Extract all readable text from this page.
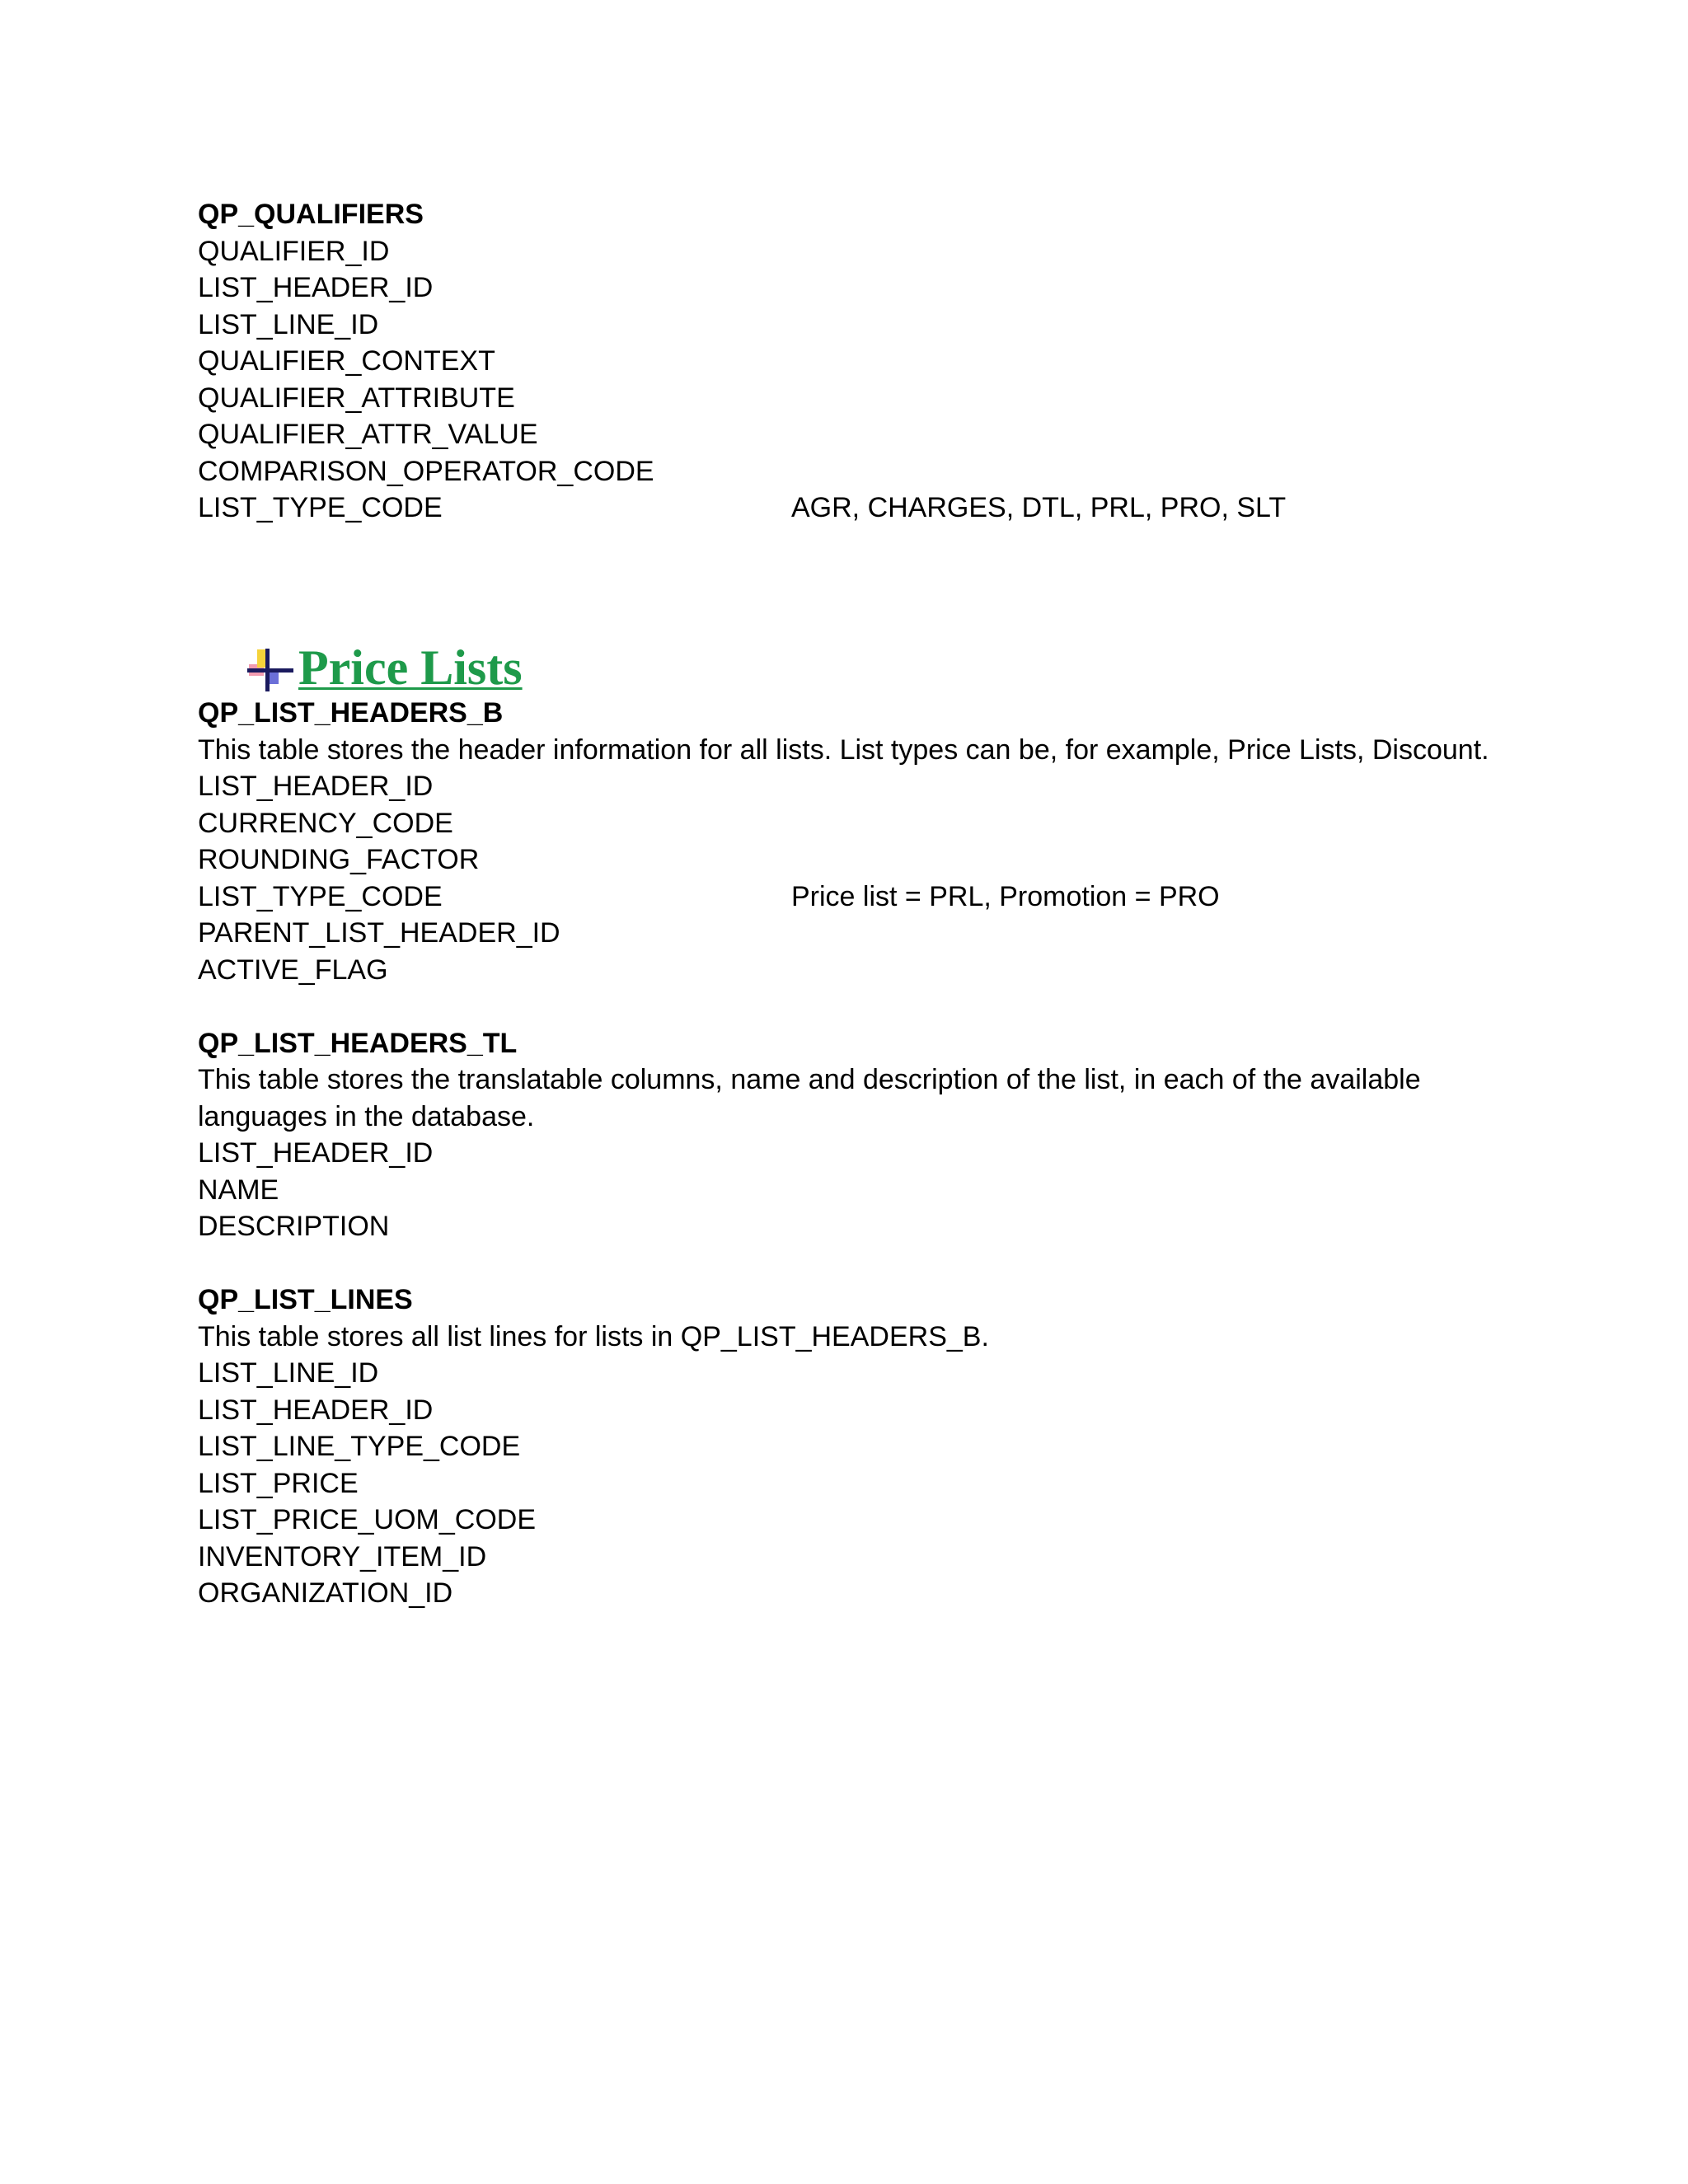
QP_QUALIFIERS
QUALIFIER_ID
LIST_HEADER_ID
LIST_LINE_ID
QUALIFIER_CONTEXT
QUALIFIER_ATTRIBUTE
QUALIFIER_ATTR_VALUE
COMPARISON_OPERATOR_CODE
LIST_TYPE_CODE	AGR, CHARGES, DTL, PRL, PRO, SLT
Price Lists
QP_LIST_HEADERS_B
This table stores the header information for all lists. List types can be, for example, Price Lists, Discount.
LIST_HEADER_ID
CURRENCY_CODE
ROUNDING_FACTOR
LIST_TYPE_CODE	Price list = PRL, Promotion = PRO
PARENT_LIST_HEADER_ID
ACTIVE_FLAG
QP_LIST_HEADERS_TL
This table stores the translatable columns, name and description of the list, in each of the available languages in the database.
LIST_HEADER_ID
NAME
DESCRIPTION
QP_LIST_LINES
This table stores all list lines for lists in QP_LIST_HEADERS_B.
LIST_LINE_ID
LIST_HEADER_ID
LIST_LINE_TYPE_CODE
LIST_PRICE
LIST_PRICE_UOM_CODE
INVENTORY_ITEM_ID
ORGANIZATION_ID
